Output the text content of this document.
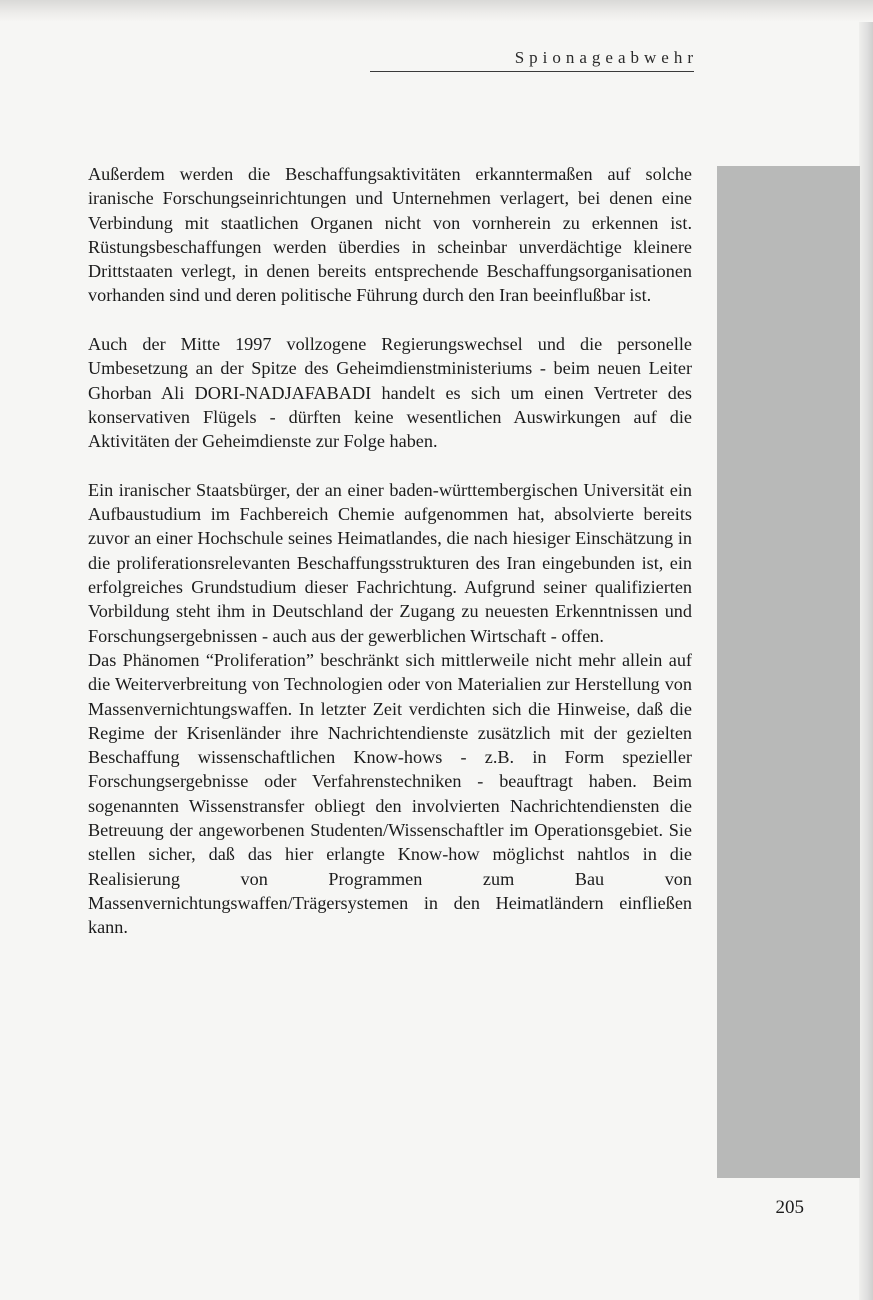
Spionageabwehr

Außerdem werden die Beschaffungsaktivitäten erkanntermaßen auf solche iranische Forschungseinrichtungen und Unternehmen verlagert, bei denen eine Verbindung mit staatlichen Organen nicht von vornherein zu erkennen ist. Rüstungsbeschaffungen werden überdies in scheinbar unverdächtige kleinere Drittstaaten verlegt, in denen bereits entsprechende Beschaffungsorganisationen vorhanden sind und deren politische Führung durch den Iran beeinflußbar ist.

Auch der Mitte 1997 vollzogene Regierungswechsel und die personelle Umbesetzung an der Spitze des Geheimdienstministeriums - beim neuen Leiter Ghorban Ali DORI-NADJAFABADI handelt es sich um einen Vertreter des konservativen Flügels - dürften keine wesentlichen Auswirkungen auf die Aktivitäten der Geheimdienste zur Folge haben.

Ein iranischer Staatsbürger, der an einer baden-württembergischen Universität ein Aufbaustudium im Fachbereich Chemie aufgenommen hat, absolvierte bereits zuvor an einer Hochschule seines Heimatlandes, die nach hiesiger Einschätzung in die proliferationsrelevanten Beschaffungsstrukturen des Iran eingebunden ist, ein erfolgreiches Grundstudium dieser Fachrichtung. Aufgrund seiner qualifizierten Vorbildung steht ihm in Deutschland der Zugang zu neuesten Erkenntnissen und Forschungsergebnissen - auch aus der gewerblichen Wirtschaft - offen.

Das Phänomen “Proliferation” beschränkt sich mittlerweile nicht mehr allein auf die Weiterverbreitung von Technologien oder von Materialien zur Herstellung von Massenvernichtungswaffen. In letzter Zeit verdichten sich die Hinweise, daß die Regime der Krisenländer ihre Nachrichtendienste zusätzlich mit der gezielten Beschaffung wissenschaftlichen Know-hows - z.B. in Form spezieller Forschungsergebnisse oder Verfahrenstechniken - beauftragt haben. Beim sogenannten Wissenstransfer obliegt den involvierten Nachrichtendiensten die Betreuung der angeworbenen Studenten/Wissenschaftler im Operationsgebiet. Sie stellen sicher, daß das hier erlangte Know-how möglichst nahtlos in die Realisierung von Programmen zum Bau von Massenvernichtungswaffen/Trägersystemen in den Heimatländern einfließen kann.

205
